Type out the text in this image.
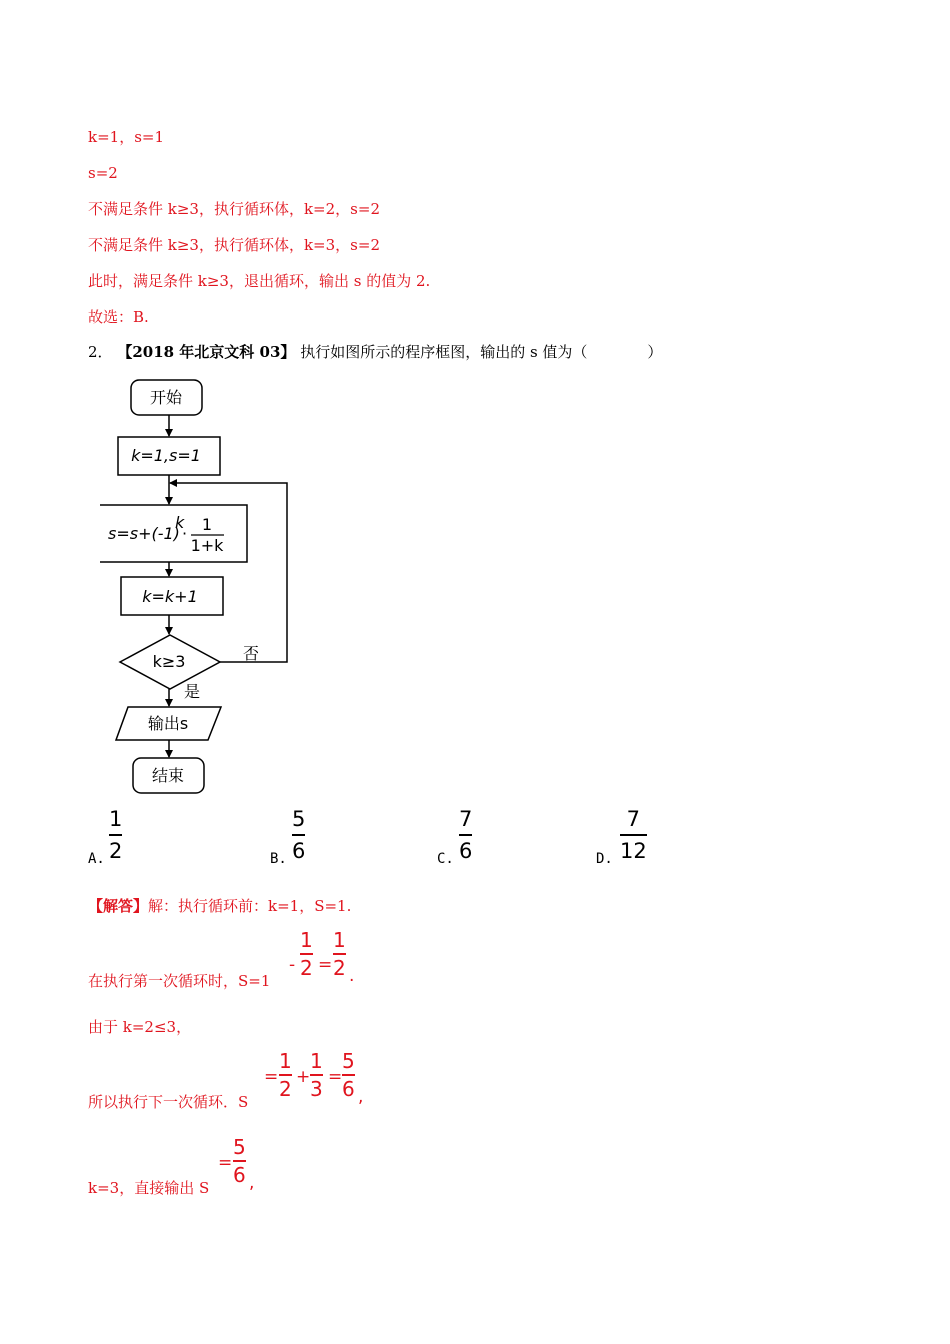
k=1，s=1
s=2
不满足条件 k≥3，执行循环体，k=2，s=2
不满足条件 k≥3，执行循环体，k=3，s=2
此时，满足条件 k≥3，退出循环，输出 s 的值为 2.
故选：B.
2． 【2018 年北京文科 03】 执行如图所示的程序框图，输出的 s 值为（　　　　）
开始
k=1,s=1
s=s+(-1)
k
· 1
1+k
k=k+1
k≥3	否
是
输出s
结束
A.
1
2	B.
5
6	C.
7
6	D.
7
12
【解答】解：执行循环前：k=1，S=1.
在执行第一次循环时，S=1
-
1
2 =
1
2 .
由于 k=2≤3，
所以执行下一次循环．S
=
1
2 +
1
3 =
5
6 ,
k=3，直接输出 S
=
5
6 ,
